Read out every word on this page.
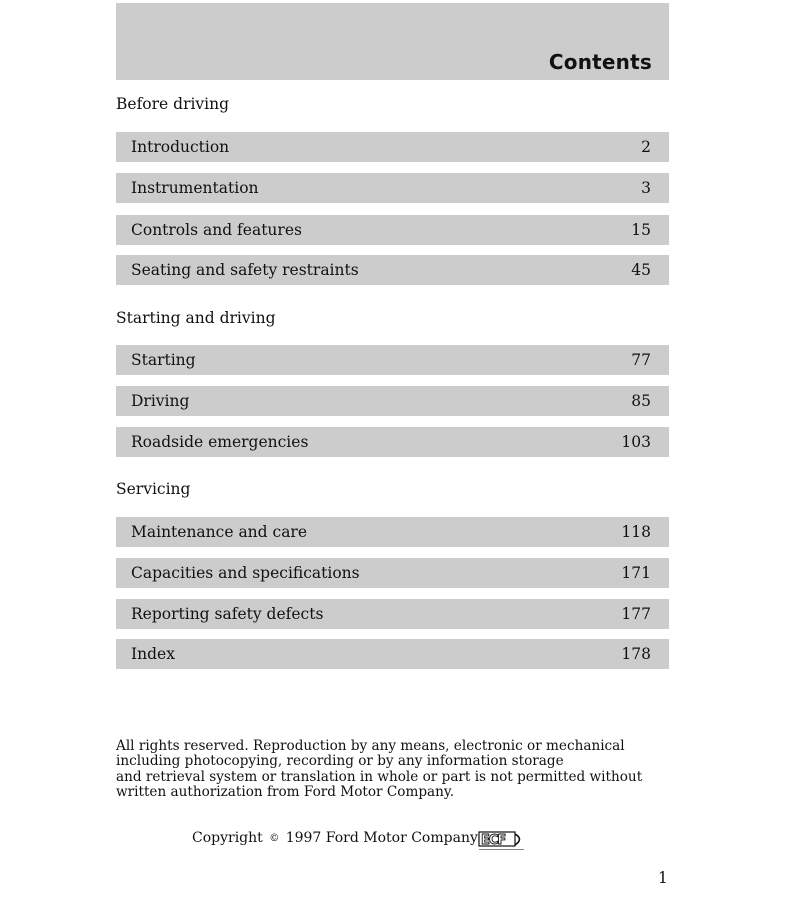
Contents
Before driving
Introduction	2
Instrumentation	3
Controls and features	15
Seating and safety restraints	45
Starting and driving
Starting	77
Driving	85
Roadside emergencies	103
Servicing
Maintenance and care	118
Capacities and specifications	171
Reporting safety defects	177
Index	178
All rights reserved. Reproduction by any means, electronic or mechanical
including photocopying, recording or by any information storage
and retrieval system or translation in whole or part is not permitted without
written authorization from Ford Motor Company.
Copyright © 1997 Ford Motor Company ECF
1
